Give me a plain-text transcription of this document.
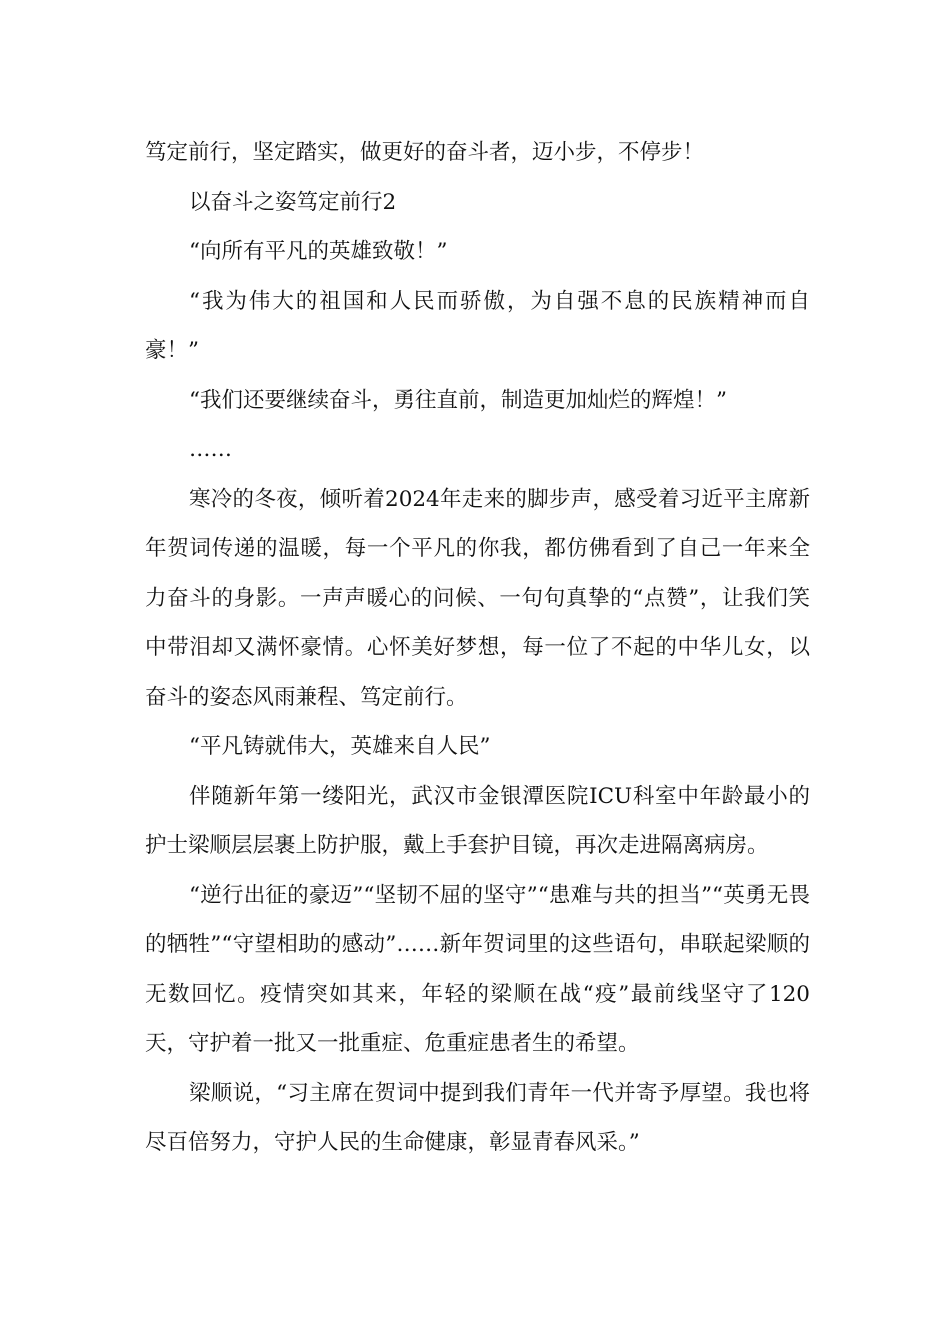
笃定前行，坚定踏实，做更好的奋斗者，迈小步，不停步！

以奋斗之姿笃定前行2

“向所有平凡的英雄致敬！”

“我为伟大的祖国和人民而骄傲，为自强不息的民族精神而自豪！”

“我们还要继续奋斗，勇往直前，制造更加灿烂的辉煌！”

……

寒冷的冬夜，倾听着2024年走来的脚步声，感受着习近平主席新年贺词传递的温暖，每一个平凡的你我，都仿佛看到了自己一年来全力奋斗的身影。一声声暖心的问候、一句句真挚的“点赞”，让我们笑中带泪却又满怀豪情。心怀美好梦想，每一位了不起的中华儿女，以奋斗的姿态风雨兼程、笃定前行。

“平凡铸就伟大，英雄来自人民”

伴随新年第一缕阳光，武汉市金银潭医院ICU科室中年龄最小的护士梁顺层层裹上防护服，戴上手套护目镜，再次走进隔离病房。

“逆行出征的豪迈”“坚韧不屈的坚守”“患难与共的担当”“英勇无畏的牺牲”“守望相助的感动”……新年贺词里的这些语句，串联起梁顺的无数回忆。疫情突如其来，年轻的梁顺在战“疫”最前线坚守了120天，守护着一批又一批重症、危重症患者生的希望。

梁顺说，“习主席在贺词中提到我们青年一代并寄予厚望。我也将尽百倍努力，守护人民的生命健康，彰显青春风采。”
